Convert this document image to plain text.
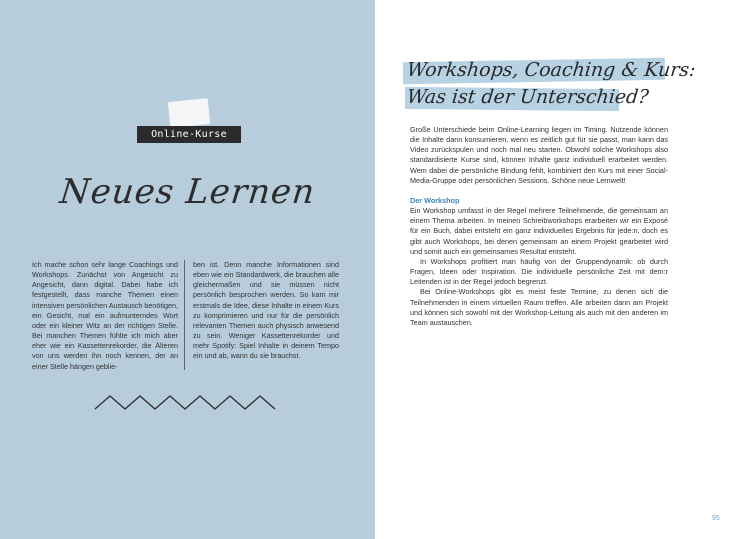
Online-Kurse
Neues Lernen
Ich mache schon sehr lange Coachings und Workshops. Zunächst von Angesicht zu Angesicht, dann digital. Dabei habe ich festgestellt, dass manche Themen einen intensiven persönlichen Austausch benötigen, ein Gesicht, mal ein aufmunterndes Wort oder ein kleiner Witz an der richtigen Stelle. Bei manchen Themen fühlte ich mich aber eher wie ein Kassettenrekorder, die Älteren von uns werden ihn noch kennen, der an einer Stelle hängen geblie-
ben ist. Denn manche Informationen sind eben wie ein Standardwerk, die brauchen alle gleichermaßen und sie müssen nicht persönlich besprochen werden. So kam mir erstmals die Idee, diese Inhalte in einem Kurs zu komprimieren und nur für die persönlich relevanten Themen auch physisch anwesend zu sein. Weniger Kassettenrekorder und mehr Spotify: Spiel Inhalte in deinem Tempo ein und ab, wann du sie brauchst.
Workshops, Coaching & Kurs:
Was ist der Unterschied?

Große Unterschiede beim Online-Learning liegen im Timing. Nutzende können die Inhalte dann konsumieren, wenn es zeitlich gut für sie passt, man kann das Video zurückspulen und noch mal neu starten. Obwohl solche Workshops also standardisierte Kurse sind, können Inhalte ganz individuell erarbeitet werden. Wem dabei die persönliche Bindung fehlt, kombiniert den Kurs mit einer Social-Media-Gruppe oder persönlichen Sessions. Schöne neue Lernwelt!

Der Workshop

Ein Workshop umfasst in der Regel mehrere Teilnehmende, die gemeinsam an einem Thema arbeiten. In meinen Schreibworkshops erarbeiten wir ein Exposé für ein Buch, dabei entsteht ein ganz individuelles Ergebnis für jede:n, doch es gibt auch Workshops, bei denen gemeinsam an einem Projekt gearbeitet wird und somit auch ein gemeinsames Resultat entsteht.

In Workshops profitiert man häufig von der Gruppendynamik: ob durch Fragen, Ideen oder Inspiration. Die individuelle persönliche Zeit mit dem:r Leitenden ist in der Regel jedoch begrenzt.

Bei Online-Workshops gibt es meist feste Termine, zu denen sich die Teilnehmenden in einem virtuellen Raum treffen. Alle arbeiten dann am Projekt und können sich sowohl mit der Workshop-Leitung als auch mit den anderen im Team austauschen.

95
